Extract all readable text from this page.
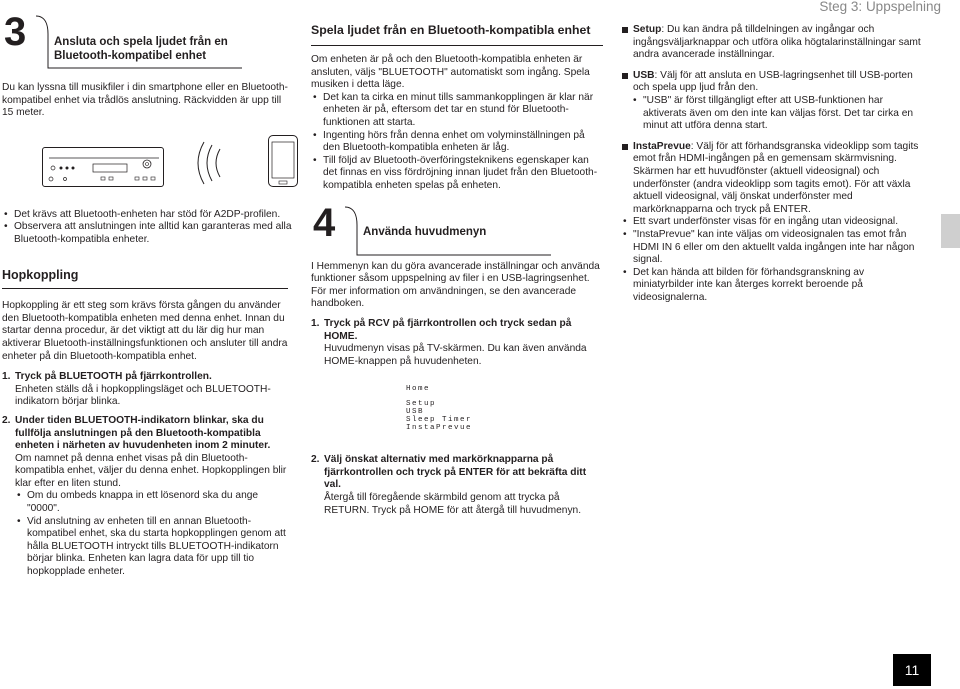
3	Ansluta och spela ljudet från en Bluetooth-kompatibel enhet

Du kan lyssna till musikfiler i din smartphone eller en Bluetooth-kompatibel enhet via trådlös anslutning. Räckvidden är upp till 15 meter.

• Det krävs att Bluetooth-enheten har stöd för A2DP-profilen.
• Observera att anslutningen inte alltid kan garanteras med alla Bluetooth-kompatibla enheter.
Hopkoppling

Hopkoppling är ett steg som krävs första gången du använder den Bluetooth-kompatibla enheten med denna enhet. Innan du startar denna procedur, är det viktigt att du lär dig hur man aktiverar Bluetooth-inställningsfunktionen och ansluter till andra enheter på din Bluetooth-kompatibla enhet.

1. Tryck på BLUETOOTH på fjärrkontrollen.

Enheten ställs då i hopkopplingsläget och BLUETOOTH-indikatorn börjar blinka.

2. Under tiden BLUETOOTH-indikatorn blinkar, ska du fullfölja anslutningen på den Bluetooth-kompatibla enheten i närheten av huvudenheten inom 2 minuter.

Om namnet på denna enhet visas på din Bluetooth-kompatibla enhet, väljer du denna enhet. Hopkopplingen blir klar efter en liten stund.

• Om du ombeds knappa in ett lösenord ska du ange "0000".
• Vid anslutning av enheten till en annan Bluetooth-kompatibel enhet, ska du starta hopkopplingen genom att hålla BLUETOOTH intryckt tills BLUETOOTH-indikatorn börjar blinka. Enheten kan lagra data för upp till tio hopkopplade enheter.
Spela ljudet från en Bluetooth-kompatibla enhet

Om enheten är på och den Bluetooth-kompatibla enheten är ansluten, väljs "BLUETOOTH" automatiskt som ingång. Spela musiken i detta läge.

• Det kan ta cirka en minut tills sammankopplingen är klar när enheten är på, eftersom det tar en stund för Bluetooth-funktionen att starta.
• Ingenting hörs från denna enhet om volyminställningen på den Bluetooth-kompatibla enheten är låg.
• Till följd av Bluetooth-överföringsteknikens egenskaper kan det finnas en viss fördröjning innan ljudet från den Bluetooth-kompatibla enheten spelas på enheten.
4	Använda huvudmenyn

I Hemmenyn kan du göra avancerade inställningar och använda funktioner såsom uppspelning av filer i en USB-lagringsenhet. För mer information om användningen, se den avancerade handboken.

1. Tryck på RCV på fjärrkontrollen och tryck sedan på HOME.

Huvudmenyn visas på TV-skärmen. Du kan även använda HOME-knappen på huvudenheten.

Home
Setup
USB
Sleep Timer
InstaPrevue
2. Välj önskat alternativ med markörknapparna på fjärrkontrollen och tryck på ENTER för att bekräfta ditt val.

Återgå till föregående skärmbild genom att trycka på RETURN. Tryck på HOME för att återgå till huvudmenyn.

Setup: Du kan ändra på tilldelningen av ingångar och ingångsväljarknappar och utföra olika högtalarinställningar samt andra avancerade inställningar.
USB: Välj för att ansluta en USB-lagringsenhet till USB-porten och spela upp ljud från den.
• "USB" är först tillgängligt efter att USB-funktionen har aktiverats även om den inte kan väljas först. Det tar cirka en minut att utföra denna start.
InstaPrevue: Välj för att förhandsgranska videoklipp som tagits emot från HDMI-ingången på en gemensam skärmvisning. Skärmen har ett huvudfönster (aktuell videosignal) och underfönster (andra videoklipp som tagits emot). För att växla aktuell videosignal, välj önskat underfönster med markörknapparna och tryck på ENTER.
• Ett svart underfönster visas för en ingång utan videosignal.
• "InstaPrevue" kan inte väljas om videosignalen tas emot från HDMI IN 6 eller om den aktuellt valda ingången inte har någon signal.
• Det kan hända att bilden för förhandsgranskning av miniatyrbilder inte kan återges korrekt beroende på videosignalerna.
Steg 3: Uppspelning
11
